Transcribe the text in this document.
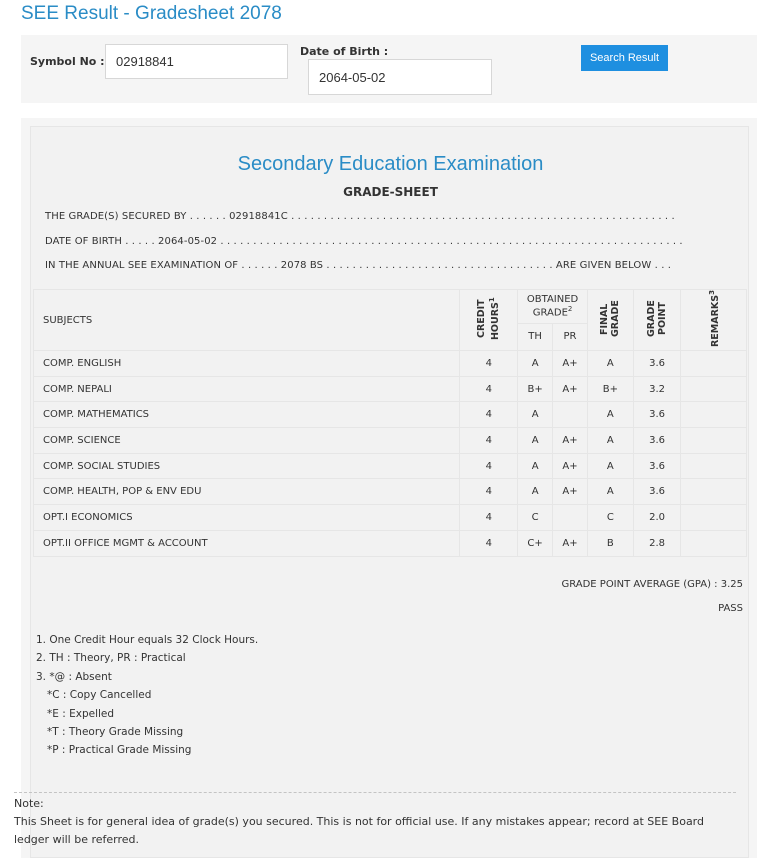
SEE Result - Gradesheet 2078
Symbol No :
02918841
Date of Birth :
2064-05-02	Search Result
Secondary Education Examination
GRADE-SHEET
THE GRADE(S) SECURED BY . . . . . . 02918841C . . . . . . . . . . . . . . . . . . . . . . . . . . . . . . . . . . . . . . . . . . . . . . . . . . . . . . . . . . .
DATE OF BIRTH . . . . . 2064-05-02 . . . . . . . . . . . . . . . . . . . . . . . . . . . . . . . . . . . . . . . . . . . . . . . . . . . . . . . . . . . . . . . . . . . . . . .
IN THE ANNUAL SEE EXAMINATION OF . . . . . . 2078 BS . . . . . . . . . . . . . . . . . . . . . . . . . . . . . . . . . . . ARE GIVEN BELOW . . .
SUBJECTS	CREDIT HOURS$^1$	OBTAINED GRADE$^2$		FINAL GRADE	GRADE POINT	REMARKS$^3$
		TH	PR			
COMP. ENGLISH	4	A	A+	A	3.6	
COMP. NEPALI	4	B+	A+	B+	3.2	
COMP. MATHEMATICS	4	A		A	3.6	
COMP. SCIENCE	4	A	A+	A	3.6	
COMP. SOCIAL STUDIES	4	A	A+	A	3.6	
COMP. HEALTH, POP & ENV EDU	4	A	A+	A	3.6	
OPT.I ECONOMICS	4	C		C	2.0	
OPT.II OFFICE MGMT & ACCOUNT	4	C+	A+	B	2.8	
GRADE POINT AVERAGE (GPA) : 3.25
PASS
1. One Credit Hour equals 32 Clock Hours.
2. TH : Theory, PR : Practical
3. *@ : Absent
*C : Copy Cancelled
*E : Expelled
*T : Theory Grade Missing
*P : Practical Grade Missing
Note:
This Sheet is for general idea of grade(s) you secured. This is not for official use. If any mistakes appear; record at SEE Board ledger will be referred.
